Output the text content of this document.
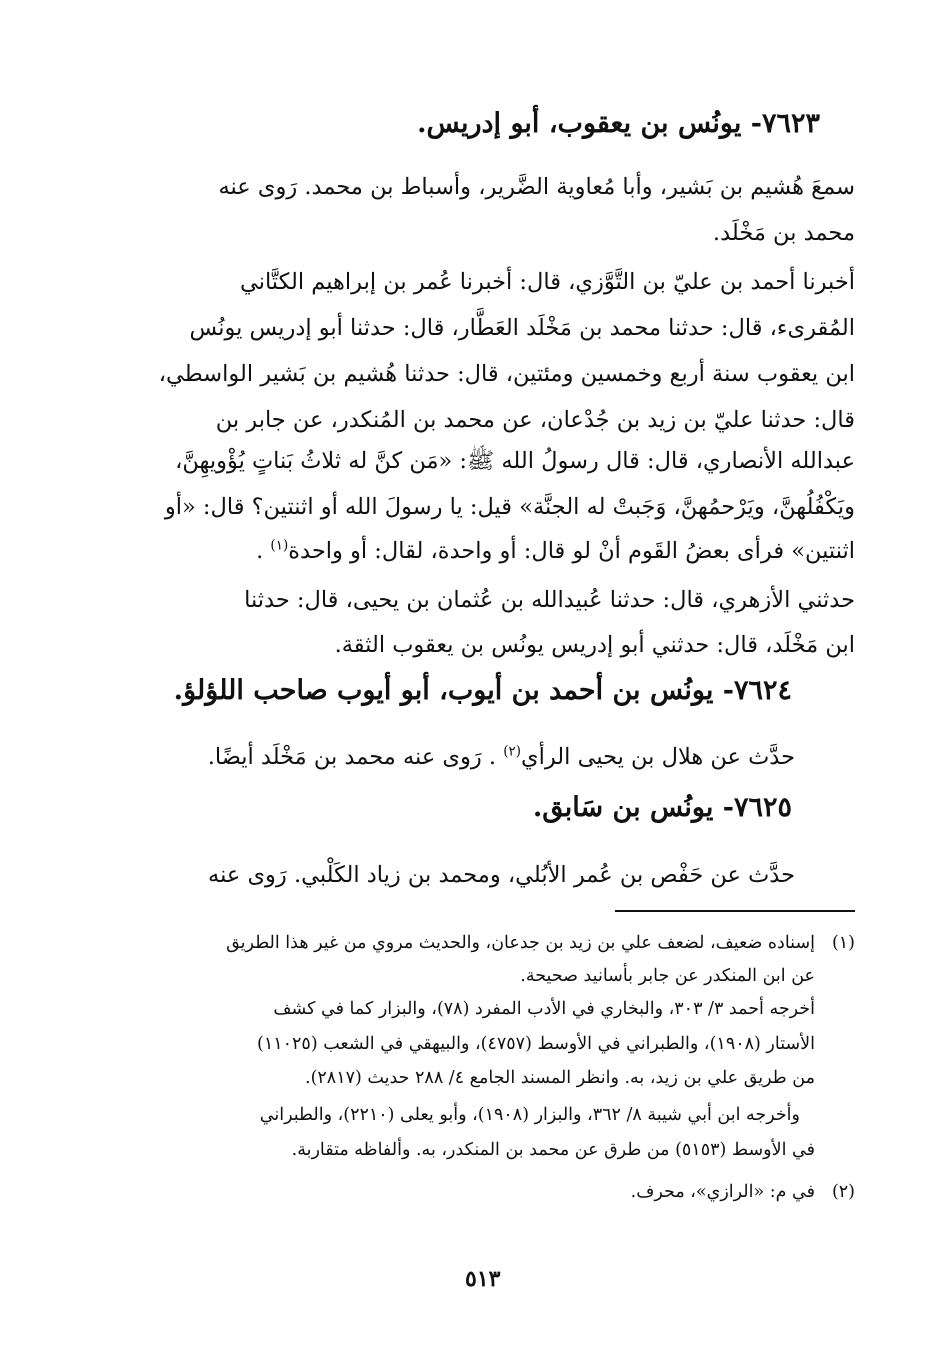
٧٦٢٣- يونُس بن يعقوب، أبو إدريس.
سمعَ هُشيم بن بَشير، وأبا مُعاوية الضَّرير، وأسباط بن محمد. رَوى عنه
محمد بن مَخْلَد.
أخبرنا أحمد بن عليّ بن التَّوَّزي، قال: أخبرنا عُمر بن إبراهيم الكتَّاني
المُقرىء، قال: حدثنا محمد بن مَخْلَد العَطَّار، قال: حدثنا أبو إدريس يونُس
ابن يعقوب سنة أربع وخمسين ومئتين، قال: حدثنا هُشيم بن بَشير الواسطي،
قال: حدثنا عليّ بن زيد بن جُدْعان، عن محمد بن المُنكدر، عن جابر بن
عبدالله الأنصاري، قال: قال رسولُ الله ﷺ: «مَن كنَّ له ثلاثُ بَناتٍ يُؤْويهِنَّ،
ويَكْفُلُهنَّ، ويَرْحمُهنَّ، وَجَبتْ له الجنَّة» قيل: يا رسولَ الله أو اثنتين؟ قال: «أو
اثنتين» فرأى بعضُ القَوم أنْ لو قال: أو واحدة، لقال: أو واحدة$^{(١)}$ .
حدثني الأزهري، قال: حدثنا عُبيدالله بن عُثمان بن يحيى، قال: حدثنا
ابن مَخْلَد، قال: حدثني أبو إدريس يونُس بن يعقوب الثقة.
٧٦٢٤- يونُس بن أحمد بن أيوب، أبو أيوب صاحب اللؤلؤ.
حدَّث عن هلال بن يحيى الرأي$^{(٢)}$ . رَوى عنه محمد بن مَخْلَد أيضًا.
٧٦٢٥- يونُس بن سَابق.
حدَّث عن حَفْص بن عُمر الأبُلي، ومحمد بن زياد الكَلْبي. رَوى عنه
(١)
إسناده ضعيف، لضعف علي بن زيد بن جدعان، والحديث مروي من غير هذا الطريق
عن ابن المنكدر عن جابر بأسانيد صحيحة.
أخرجه أحمد ٣/ ٣٠٣، والبخاري في الأدب المفرد (٧٨)، والبزار كما في كشف
الأستار (١٩٠٨)، والطبراني في الأوسط (٤٧٥٧)، والبيهقي في الشعب (١١٠٢٥)
من طريق علي بن زيد، به. وانظر المسند الجامع ٤/ ٢٨٨ حديث (٢٨١٧).
وأخرجه ابن أبي شيبة ٨/ ٣٦٢، والبزار (١٩٠٨)، وأبو يعلى (٢٢١٠)، والطبراني
في الأوسط (٥١٥٣) من طرق عن محمد بن المنكدر، به. وألفاظه متقاربة.
(٢)
في م: «الرازي»، محرف.
٥١٣
